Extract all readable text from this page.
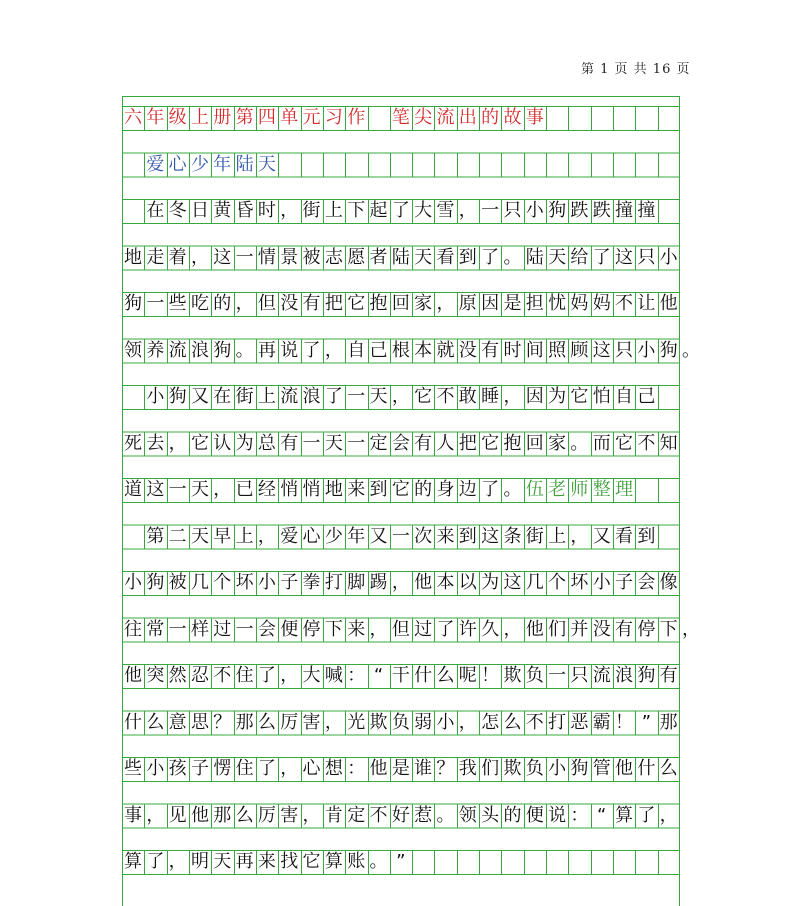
第 1 页 共 16 页
六 年 级 上 册 第 四 单 元 习 作
　 笔 尖 流 出 的 故 事

爱 心 少 年 陆 天

在 冬 日 黄 昏 时 ， 街 上 下 起 了 大 雪 ， 一 只 小 狗 跌 跌 撞 撞
地 走 着 ， 这 一 情 景 被 志 愿 者 陆 天 看 到 了 。 陆 天 给 了 这 只 小
狗 一 些 吃 的 ， 但 没 有 把 它 抱 回 家 ， 原 因 是 担 忧 妈 妈 不 让 他
领 养 流 浪 狗 。 再 说 了 ， 自 己 根 本 就 没 有 时 间 照 顾 这 只 小 狗 。

小 狗 又 在 街 上 流 浪 了 一 天 ， 它 不 敢 睡 ， 因 为 它 怕 自 己
死 去 ， 它 认 为 总 有 一 天 一 定 会 有 人 把 它 抱 回 家 。 而 它 不 知
道 这 一 天 ， 已 经 悄 悄 地 来 到 它 的 身 边 了 。 伍 老 师 整 理

第 二 天 早 上 ， 爱 心 少 年 又 一 次 来 到 这 条 街 上 ， 又 看 到
小 狗 被 几 个 坏 小 子 拳 打 脚 踢 ， 他 本 以 为 这 几 个 坏 小 子 会 像
往 常 一 样 过 一 会 便 停 下 来 ， 但 过 了 许 久 ， 他 们 并 没 有 停 下 ，
他 突 然 忍 不 住 了 ， 大 喊 ： “ 干 什 么 呢 ！ 欺 负 一 只 流 浪 狗 有
什 么 意 思 ？ 那 么 厉 害 ， 光 欺 负 弱 小 ， 怎 么 不 打 恶 霸 ！ ” 那
些 小 孩 子 愣 住 了 ， 心 想 ： 他 是 谁 ？ 我 们 欺 负 小 狗 管 他 什 么
事 ， 见 他 那 么 厉 害 ， 肯 定 不 好 惹 。 领 头 的 便 说 ： “ 算 了 ，
算 了 ， 明 天 再 来 找 它 算 账 。 ”
